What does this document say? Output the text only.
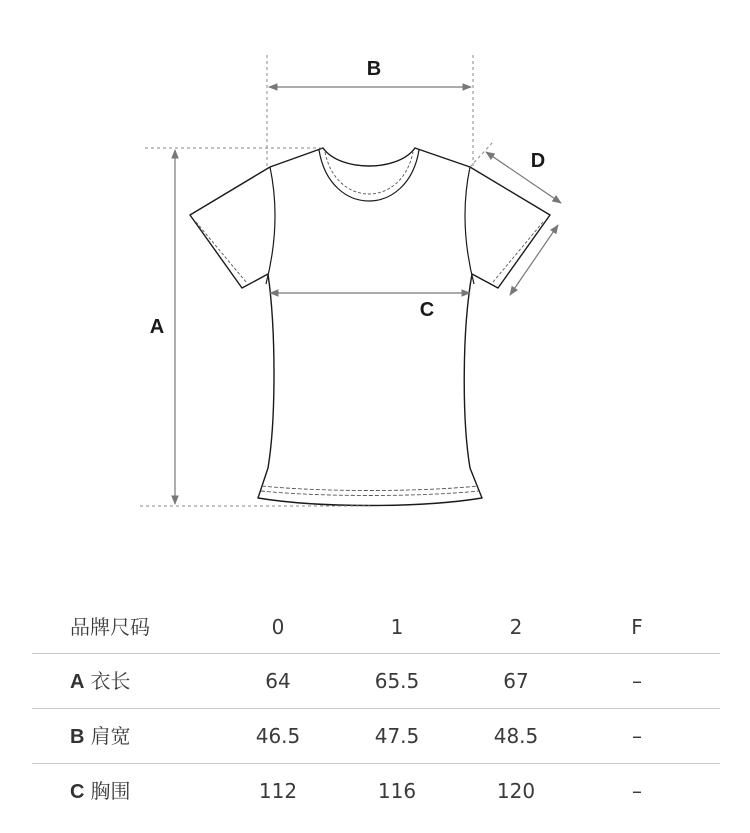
B
A
C
D
品牌尺码	0	1	2	F
A 衣长	64	65.5	67	–
B 肩宽	46.5	47.5	48.5	–
C 胸围	112	116	120	–
